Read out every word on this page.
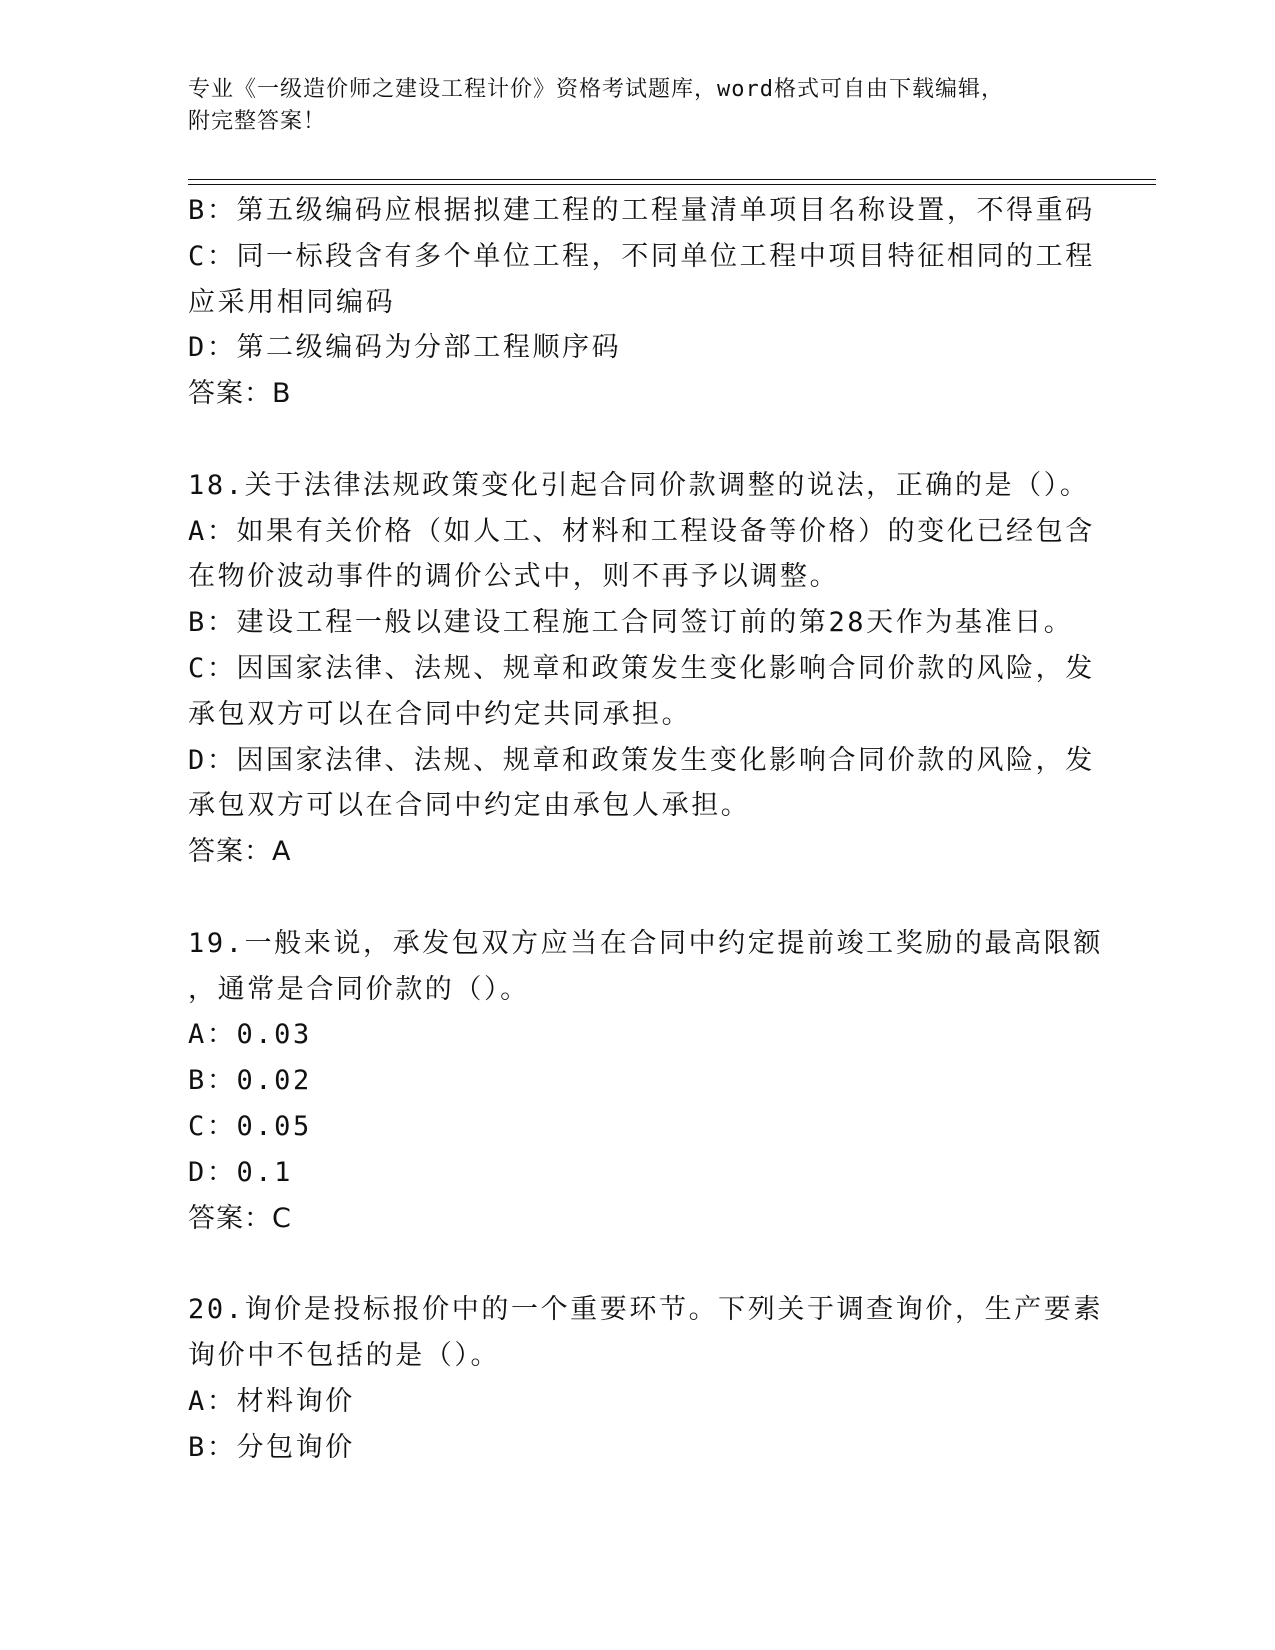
专业《一级造价师之建设工程计价》资格考试题库，word格式可自由下载编辑，

附完整答案！

B：第五级编码应根据拟建工程的工程量清单项目名称设置，不得重码

C：同一标段含有多个单位工程，不同单位工程中项目特征相同的工程

应采用相同编码

D：第二级编码为分部工程顺序码

答案：B

18.关于法律法规政策变化引起合同价款调整的说法，正确的是（）。

A：如果有关价格（如人工、材料和工程设备等价格）的变化已经包含

在物价波动事件的调价公式中，则不再予以调整。

B：建设工程一般以建设工程施工合同签订前的第28天作为基准日。

C：因国家法律、法规、规章和政策发生变化影响合同价款的风险，发

承包双方可以在合同中约定共同承担。

D：因国家法律、法规、规章和政策发生变化影响合同价款的风险，发

承包双方可以在合同中约定由承包人承担。

答案：A

19.一般来说，承发包双方应当在合同中约定提前竣工奖励的最高限额

，通常是合同价款的（）。

A：0.03

B：0.02

C：0.05

D：0.1

答案：C

20.询价是投标报价中的一个重要环节。下列关于调查询价，生产要素

询价中不包括的是（）。

A：材料询价

B：分包询价
